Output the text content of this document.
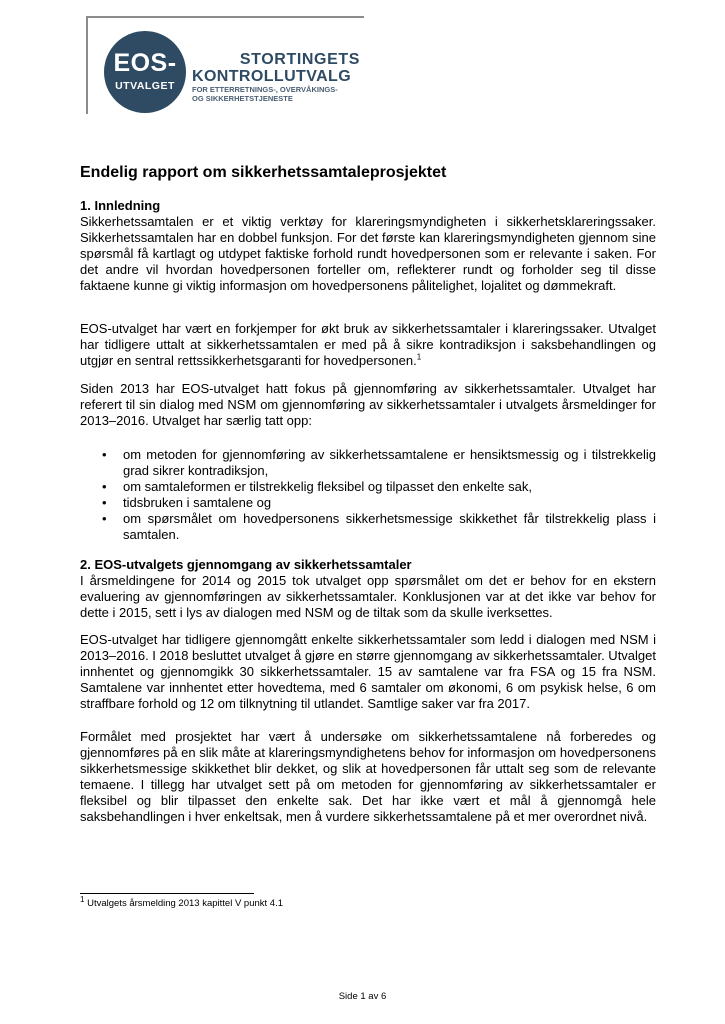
EOS-
UTVALGET
STORTINGETS
KONTROLLUTVALG
FOR ETTERRETNINGS-, OVERVÅKINGS-
OG SIKKERHETSTJENESTE
Endelig rapport om sikkerhetssamtaleprosjektet
1. Innledning

Sikkerhetssamtalen er et viktig verktøy for klareringsmyndigheten i sikkerhetsklareringssaker. Sikkerhetssamtalen har en dobbel funksjon. For det første kan klareringsmyndigheten gjennom sine spørsmål få kartlagt og utdypet faktiske forhold rundt hovedpersonen som er relevante i saken. For det andre vil hvordan hovedpersonen forteller om, reflekterer rundt og forholder seg til disse faktaene kunne gi viktig informasjon om hovedpersonens pålitelighet, lojalitet og dømmekraft.

EOS-utvalget har vært en forkjemper for økt bruk av sikkerhetssamtaler i klareringssaker. Utvalget har tidligere uttalt at sikkerhetssamtalen er med på å sikre kontradiksjon i saksbehandlingen og utgjør en sentral rettssikkerhetsgaranti for hovedpersonen.$^1$

Siden 2013 har EOS-utvalget hatt fokus på gjennomføring av sikkerhetssamtaler. Utvalget har referert til sin dialog med NSM om gjennomføring av sikkerhetssamtaler i utvalgets årsmeldinger for 2013–2016. Utvalget har særlig tatt opp:

• om metoden for gjennomføring av sikkerhetssamtalene er hensiktsmessig og i tilstrekkelig grad sikrer kontradiksjon,
• om samtaleformen er tilstrekkelig fleksibel og tilpasset den enkelte sak,
• tidsbruken i samtalene og
• om spørsmålet om hovedpersonens sikkerhetsmessige skikkethet får tilstrekkelig plass i samtalen.
2. EOS-utvalgets gjennomgang av sikkerhetssamtaler

I årsmeldingene for 2014 og 2015 tok utvalget opp spørsmålet om det er behov for en ekstern evaluering av gjennomføringen av sikkerhetssamtaler. Konklusjonen var at det ikke var behov for dette i 2015, sett i lys av dialogen med NSM og de tiltak som da skulle iverksettes.

EOS-utvalget har tidligere gjennomgått enkelte sikkerhetssamtaler som ledd i dialogen med NSM i 2013–2016. I 2018 besluttet utvalget å gjøre en større gjennomgang av sikkerhetssamtaler. Utvalget innhentet og gjennomgikk 30 sikkerhetssamtaler. 15 av samtalene var fra FSA og 15 fra NSM. Samtalene var innhentet etter hovedtema, med 6 samtaler om økonomi, 6 om psykisk helse, 6 om straffbare forhold og 12 om tilknytning til utlandet. Samtlige saker var fra 2017.

Formålet med prosjektet har vært å undersøke om sikkerhetssamtalene nå forberedes og gjennomføres på en slik måte at klareringsmyndighetens behov for informasjon om hovedpersonens sikkerhetsmessige skikkethet blir dekket, og slik at hovedpersonen får uttalt seg som de relevante temaene. I tillegg har utvalget sett på om metoden for gjennomføring av sikkerhetssamtaler er fleksibel og blir tilpasset den enkelte sak. Det har ikke vært et mål å gjennomgå hele saksbehandlingen i hver enkeltsak, men å vurdere sikkerhetssamtalene på et mer overordnet nivå.

$^1$ Utvalgets årsmelding 2013 kapittel V punkt 4.1
Side 1 av 6
